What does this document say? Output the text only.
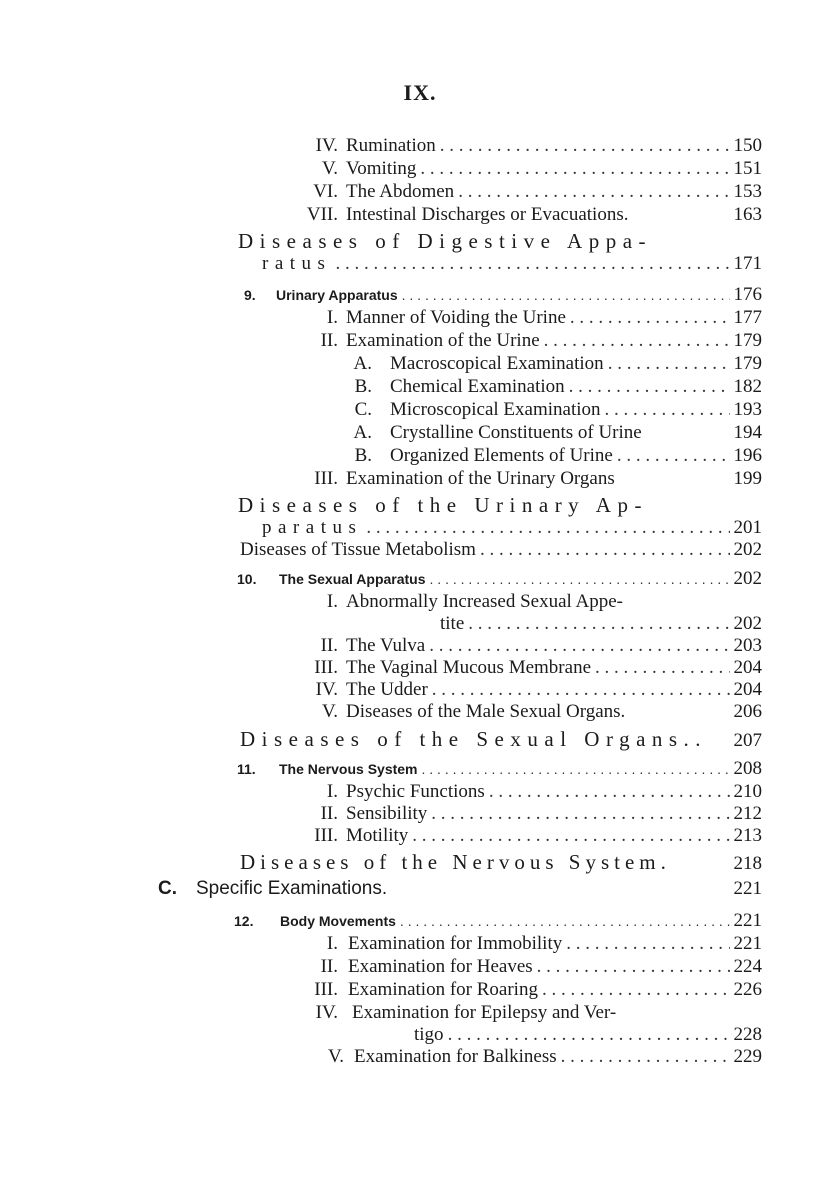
IX.
IV. Rumination . . .	150
V. Vomiting . . .	151
VI. The Abdomen . . .	153
VII. Intestinal Discharges or Evacuations.	163
Diseases of Digestive Appa-
ratus . . .	171
9.	Urinary Apparatus . . .	176
I. Manner of Voiding the Urine . . .	177
II. Examination of the Urine . . .	179
A. Macroscopical Examination . . .	179
B. Chemical Examination . . .	182
C. Microscopical Examination . . .	193
A. Crystalline Constituents of Urine	194
B. Organized Elements of Urine . . .	196
III. Examination of the Urinary Organs	199
Diseases of the Urinary Ap-
paratus . . .	201
Diseases of Tissue Metabolism . . .	202
10.	The Sexual Apparatus . . .	202
I. Abnormally Increased Sexual Appe-
tite . . .	202
II. The Vulva . . .	203
III. The Vaginal Mucous Membrane . . .	204
IV. The Udder . . .	204
V. Diseases of the Male Sexual Organs.	206
Diseases of the Sexual Organs.. 207
11.	The Nervous System . . .	208
I. Psychic Functions . . .	210
II. Sensibility . . .	212
III. Motility . . .	213
Diseases of the Nervous System.	218
C. Specific Examinations.	221
12.	Body Movements . . .	221
I. Examination for Immobility . . .	221
II. Examination for Heaves . . .	224
III. Examination for Roaring . . .	226
IV. Examination for Epilepsy and Ver-
tigo . . .	228
V. Examination for Balkiness . . .	229
